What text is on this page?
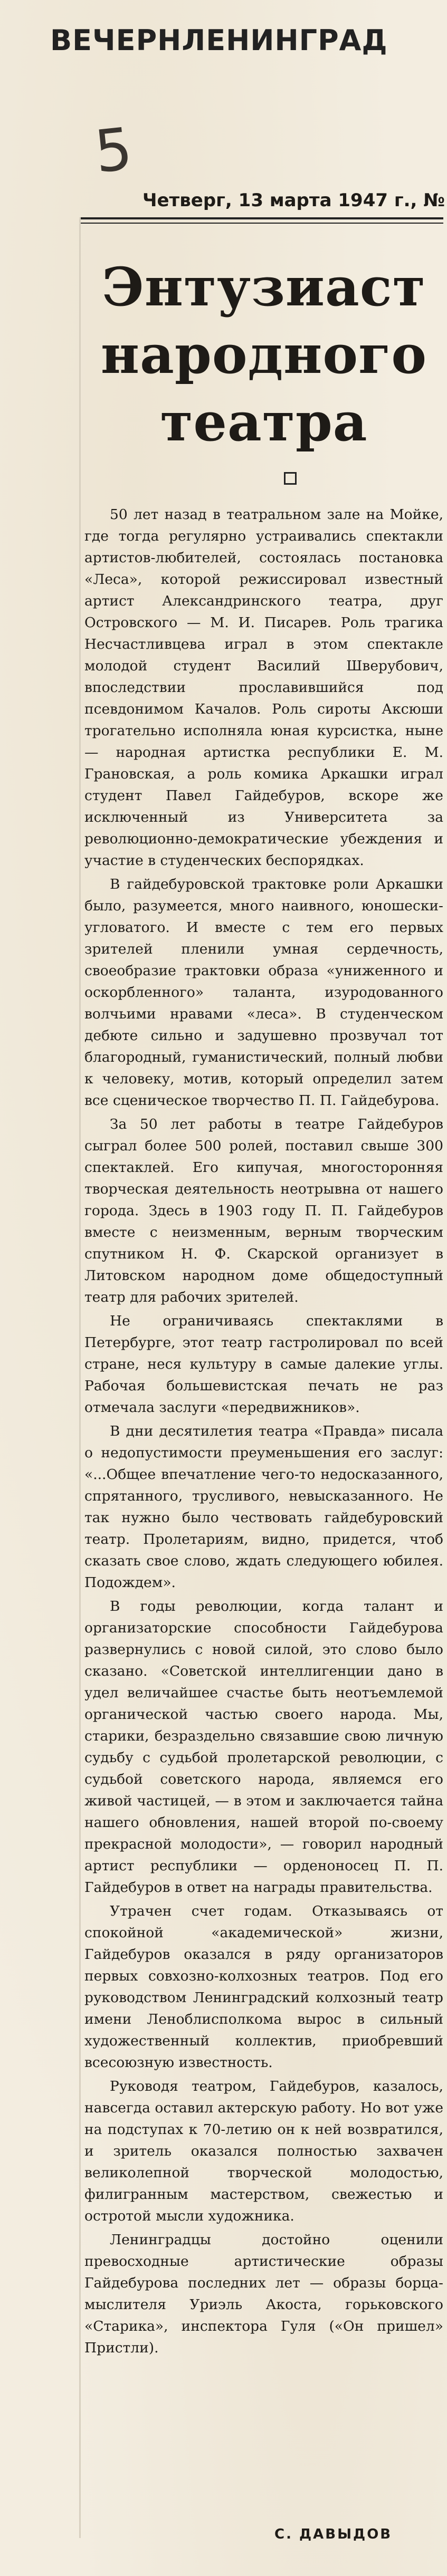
ВЕЧЕРНЛЕНИНГРАД
5
Четверг, 13 марта 1947 г., №
Энтузиаст
народного
театра

50 лет назад в театральном зале на Мойке, где тогда регулярно устраивались спектакли артистов-любителей, состоялась постановка «Леса», которой режиссировал известный артист Александринского театра, друг Островского — М. И. Писарев. Роль трагика Несчастливцева играл в этом спектакле молодой студент Василий Шверубович, впоследствии прославившийся под псевдонимом Качалов. Роль сироты Аксюши трогательно исполняла юная курсистка, ныне — народная артистка республики Е. М. Грановская, а роль комика Аркашки играл студент Павел Гайдебуров, вскоре же исключенный из Университета за революционно-демократические убеждения и участие в студенческих беспорядках.

В гайдебуровской трактовке роли Аркашки было, разумеется, много наивного, юношески-угловатого. И вместе с тем его первых зрителей пленили умная сердечность, своеобразие трактовки образа «униженного и оскорбленного» таланта, изуродованного волчьими нравами «леса». В студенческом дебюте сильно и задушевно прозвучал тот благородный, гуманистический, полный любви к человеку, мотив, который определил затем все сценическое творчество П. П. Гайдебурова.

За 50 лет работы в театре Гайдебуров сыграл более 500 ролей, поставил свыше 300 спектаклей. Его кипучая, многосторонняя творческая деятельность неотрывна от нашего города. Здесь в 1903 году П. П. Гайдебуров вместе с неизменным, верным творческим спутником Н. Ф. Скарской организует в Литовском народном доме общедоступный театр для рабочих зрителей.

Не ограничиваясь спектаклями в Петербурге, этот театр гастролировал по всей стране, неся культуру в самые далекие углы. Рабочая большевистская печать не раз отмечала заслуги «передвижников».

В дни десятилетия театра «Правда» писала о недопустимости преуменьшения его заслуг: «...Общее впечатление чего-то недосказанного, спрятанного, трусливого, невысказанного. Не так нужно было чествовать гайдебуровский театр. Пролетариям, видно, придется, чтоб сказать свое слово, ждать следующего юбилея. Подождем».

В годы революции, когда талант и организаторские способности Гайдебурова развернулись с новой силой, это слово было сказано. «Советской интеллигенции дано в удел величайшее счастье быть неотъемлемой органической частью своего народа. Мы, старики, безраздельно связавшие свою личную судьбу с судьбой пролетарской революции, с судьбой советского народа, являемся его живой частицей, — в этом и заключается тайна нашего обновления, нашей второй по-своему прекрасной молодости», — говорил народный артист республики — орденоносец П. П. Гайдебуров в ответ на награды правительства.

Утрачен счет годам. Отказываясь от спокойной «академической» жизни, Гайдебуров оказался в ряду организаторов первых совхозно-колхозных театров. Под его руководством Ленинградский колхозный театр имени Леноблисполкома вырос в сильный художественный коллектив, приобревший всесоюзную известность.

Руководя театром, Гайдебуров, казалось, навсегда оставил актерскую работу. Но вот уже на подступах к 70-летию он к ней возвратился, и зритель оказался полностью захвачен великолепной творческой молодостью, филигранным мастерством, свежестью и остротой мысли художника.

Ленинградцы достойно оценили превосходные артистические образы Гайдебурова последних лет — образы борца-мыслителя Уриэль Акоста, горьковского «Старика», инспектора Гуля («Он пришел» Пристли).

С. ДАВЫДОВ
